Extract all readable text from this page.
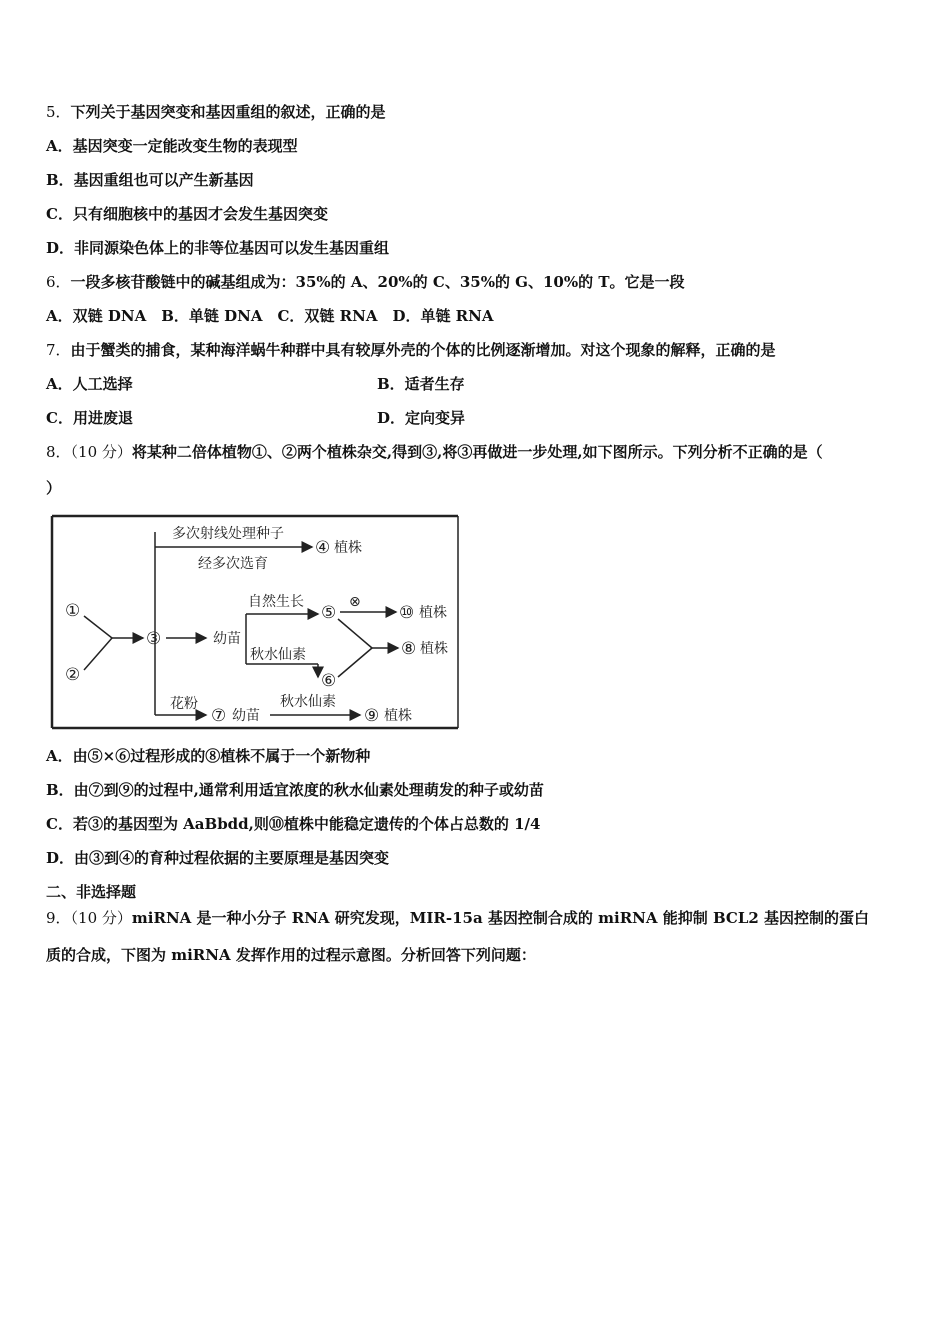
5．下列关于基因突变和基因重组的叙述，正确的是
A．基因突变一定能改变生物的表现型
B．基因重组也可以产生新基因
C．只有细胞核中的基因才会发生基因突变
D．非同源染色体上的非等位基因可以发生基因重组
6．一段多核苷酸链中的碱基组成为：35%的 A、20%的 C、35%的 G、10%的 T。它是一段
A．双链 DNA　B．单链 DNA　C．双链 RNA　D．单链 RNA
7．由于蟹类的捕食，某种海洋蜗牛种群中具有较厚外壳的个体的比例逐渐增加。对这个现象的解释，正确的是
A．人工选择	B．适者生存
C．用进废退	D．定向变异
8．（10 分）将某种二倍体植物①、②两个植株杂交,得到③,将③再做进一步处理,如下图所示。下列分析不正确的是（
）
①
②
③
多次射线处理种子
④ 植株
经多次选育
幼苗
自然生长
秋水仙素
⑤
⑥
⊗
⑩ 植株
⑧ 植株
花粉
⑦ 幼苗
秋水仙素
⑨ 植株
A．由⑤×⑥过程形成的⑧植株不属于一个新物种
B．由⑦到⑨的过程中,通常利用适宜浓度的秋水仙素处理萌发的种子或幼苗
C．若③的基因型为 AaBbdd,则⑩植株中能稳定遗传的个体占总数的 1/4
D．由③到④的育种过程依据的主要原理是基因突变
二、非选择题
9．（10 分）miRNA 是一种小分子 RNA 研究发现，MIR-15a 基因控制合成的 miRNA 能抑制 BCL2 基因控制的蛋白
质的合成，下图为 miRNA 发挥作用的过程示意图。分析回答下列问题：
